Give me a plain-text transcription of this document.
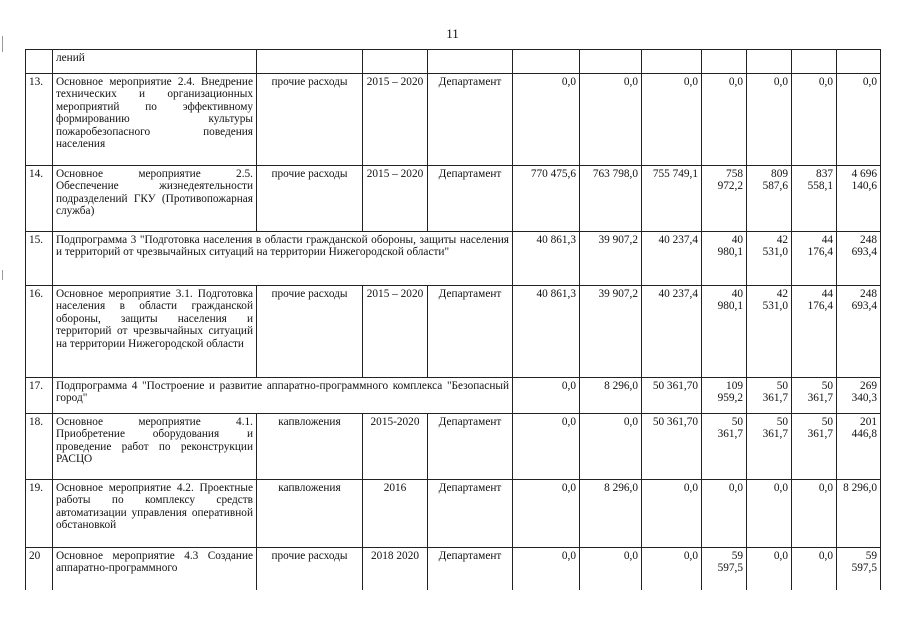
11
	лений										
13.	Основное мероприятие 2.4. Внедрение технических и организационных мероприятий по эффективному формированию культуры пожаробезопасного поведения населения	прочие расходы	2015 – 2020	Департамент	0,0	0,0	0,0	0,0	0,0	0,0	0,0
14.	Основное мероприятие 2.5. Обеспечение жизнедеятельности подразделений ГКУ (Противопожарная служба)	прочие расходы	2015 – 2020	Департамент	770 475,6	763 798,0	755 749,1	758 972,2	809 587,6	837 558,1	4 696 140,6
15.	Подпрограмма 3 "Подготовка населения в области гражданской обороны, защиты населения и территорий от чрезвычайных ситуаций на территории Нижегородской области"				40 861,3	39 907,2	40 237,4	40 980,1	42 531,0	44 176,4	248 693,4
16.	Основное мероприятие 3.1. Подготовка населения в области гражданской обороны, защиты населения и территорий от чрезвычайных ситуаций на территории Нижегородской области	прочие расходы	2015 – 2020	Департамент	40 861,3	39 907,2	40 237,4	40 980,1	42 531,0	44 176,4	248 693,4
17.	Подпрограмма 4 "Построение и развитие аппаратно-программного комплекса "Безопасный город"				0,0	8 296,0	50 361,70	109 959,2	50 361,7	50 361,7	269 340,3
18.	Основное мероприятие 4.1. Приобретение оборудования и проведение работ по реконструкции РАСЦО	капвложения	2015-2020	Департамент	0,0	0,0	50 361,70	50 361,7	50 361,7	50 361,7	201 446,8
19.	Основное мероприятие 4.2. Проектные работы по комплексу средств автоматизации управления оперативной обстановкой	капвложения	2016	Департамент	0,0	8 296,0	0,0	0,0	0,0	0,0	8 296,0
20	Основное мероприятие 4.3 Создание аппаратно-программного	прочие расходы	2018 2020	Департамент	0,0	0,0	0,0	59 597,5	0,0	0,0	59 597,5
